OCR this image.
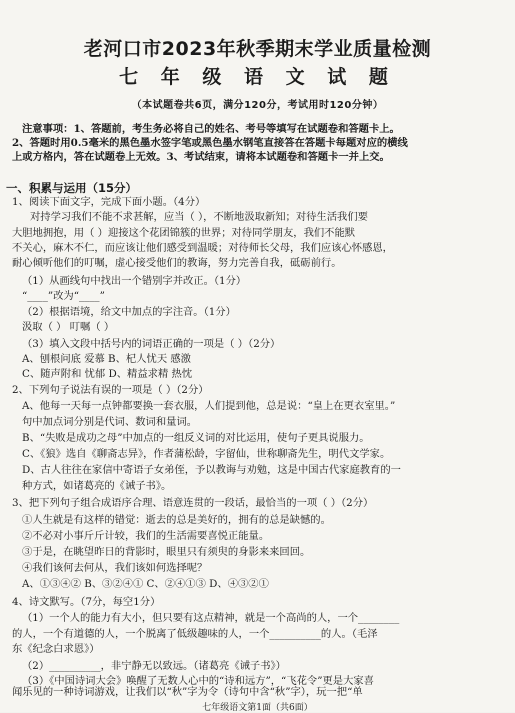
老河口市2023年秋季期末学业质量检测
七 年 级 语 文 试 题
（本试题卷共6页，满分120分，考试用时120分钟）
注意事项：1、答题前，考生务必将自己的姓名、考号等填写在试题卷和答题卡上。
2、答题时用0.5毫米的黑色墨水签字笔或黑色墨水钢笔直接答在答题卡每题对应的横线
上或方格内，答在试题卷上无效。3、考试结束，请将本试题卷和答题卡一并上交。
一、积累与运用（15分）
1、阅读下面文字，完成下面小题。（4分）
对持学习我们不能不求甚解，应当（ ），不断地汲取新知；对待生活我们要
大胆地拥抱，用（ ）迎接这个花团锦簇的世界；对待同学朋友，我们不能默
不关心，麻木不仁，而应该让他们感受到温暖；对待师长父母，我们应该心怀感恩，
耐心倾听他们的叮嘱，虚心接受他们的教诲，努力完善自我，砥砺前行。
（1）从画线句中找出一个错别字并改正。（1分）
“____”改为“____”
（2）根据语境，给文中加点的字注音。（1分）
汲取（ ） 叮嘱（ ）
（3）填入文段中括号内的词语正确的一项是（ ）（2分）
A、刨根问底 爱慕 B、杞人忧天 感激
C、随声附和 忧郁 D、精益求精 热忱
2、下列句子说法有误的一项是（ ）（2分）
A、他每一天每一点钟都要换一套衣服，人们提到他，总是说：“皇上在更衣室里。”
句中加点词分别是代词、数词和量词。
B、“失败是成功之母”中加点的一组反义词的对比运用，使句子更具说服力。
C、《狼》选自《聊斋志异》，作者蒲松龄，字留仙，世称聊斋先生，明代文学家。
D、古人往往在家信中寄语子女弟侄，予以教诲与劝勉，这是中国古代家庭教育的一
种方式，如诸葛亮的《诫子书》。
3、把下列句子组合成语序合理、语意连贯的一段话，最恰当的一项（ ）（2分）
①人生就是有这样的错觉：逝去的总是美好的，拥有的总是缺憾的。
②不必对小事斤斤计较，我们的生活需要喜悦正能量。
③于是，在眺望昨日的背影时，眼里只有须臾的身影来来回回。
④我们该何去何从，我们该如何选择呢？
A、①③④② B、③②④① C、②④①③ D、④③②①
4、诗文默写。（7分，每空1分）
（1）一个人的能力有大小，但只要有这点精神，就是一个高尚的人，一个________
的人，一个有道德的人，一个脱离了低级趣味的人，一个__________的人。（毛泽
东《纪念白求恩》）
（2）__________，非宁静无以致远。（诸葛亮《诫子书》）
（3）《中国诗词大会》唤醒了无数人心中的“诗和远方”，“飞花令”更是大家喜
闻乐见的一种诗词游戏，让我们以“秋”字为令（诗句中含“秋”字），玩一把“单
七年级语文第1面（共6面）
